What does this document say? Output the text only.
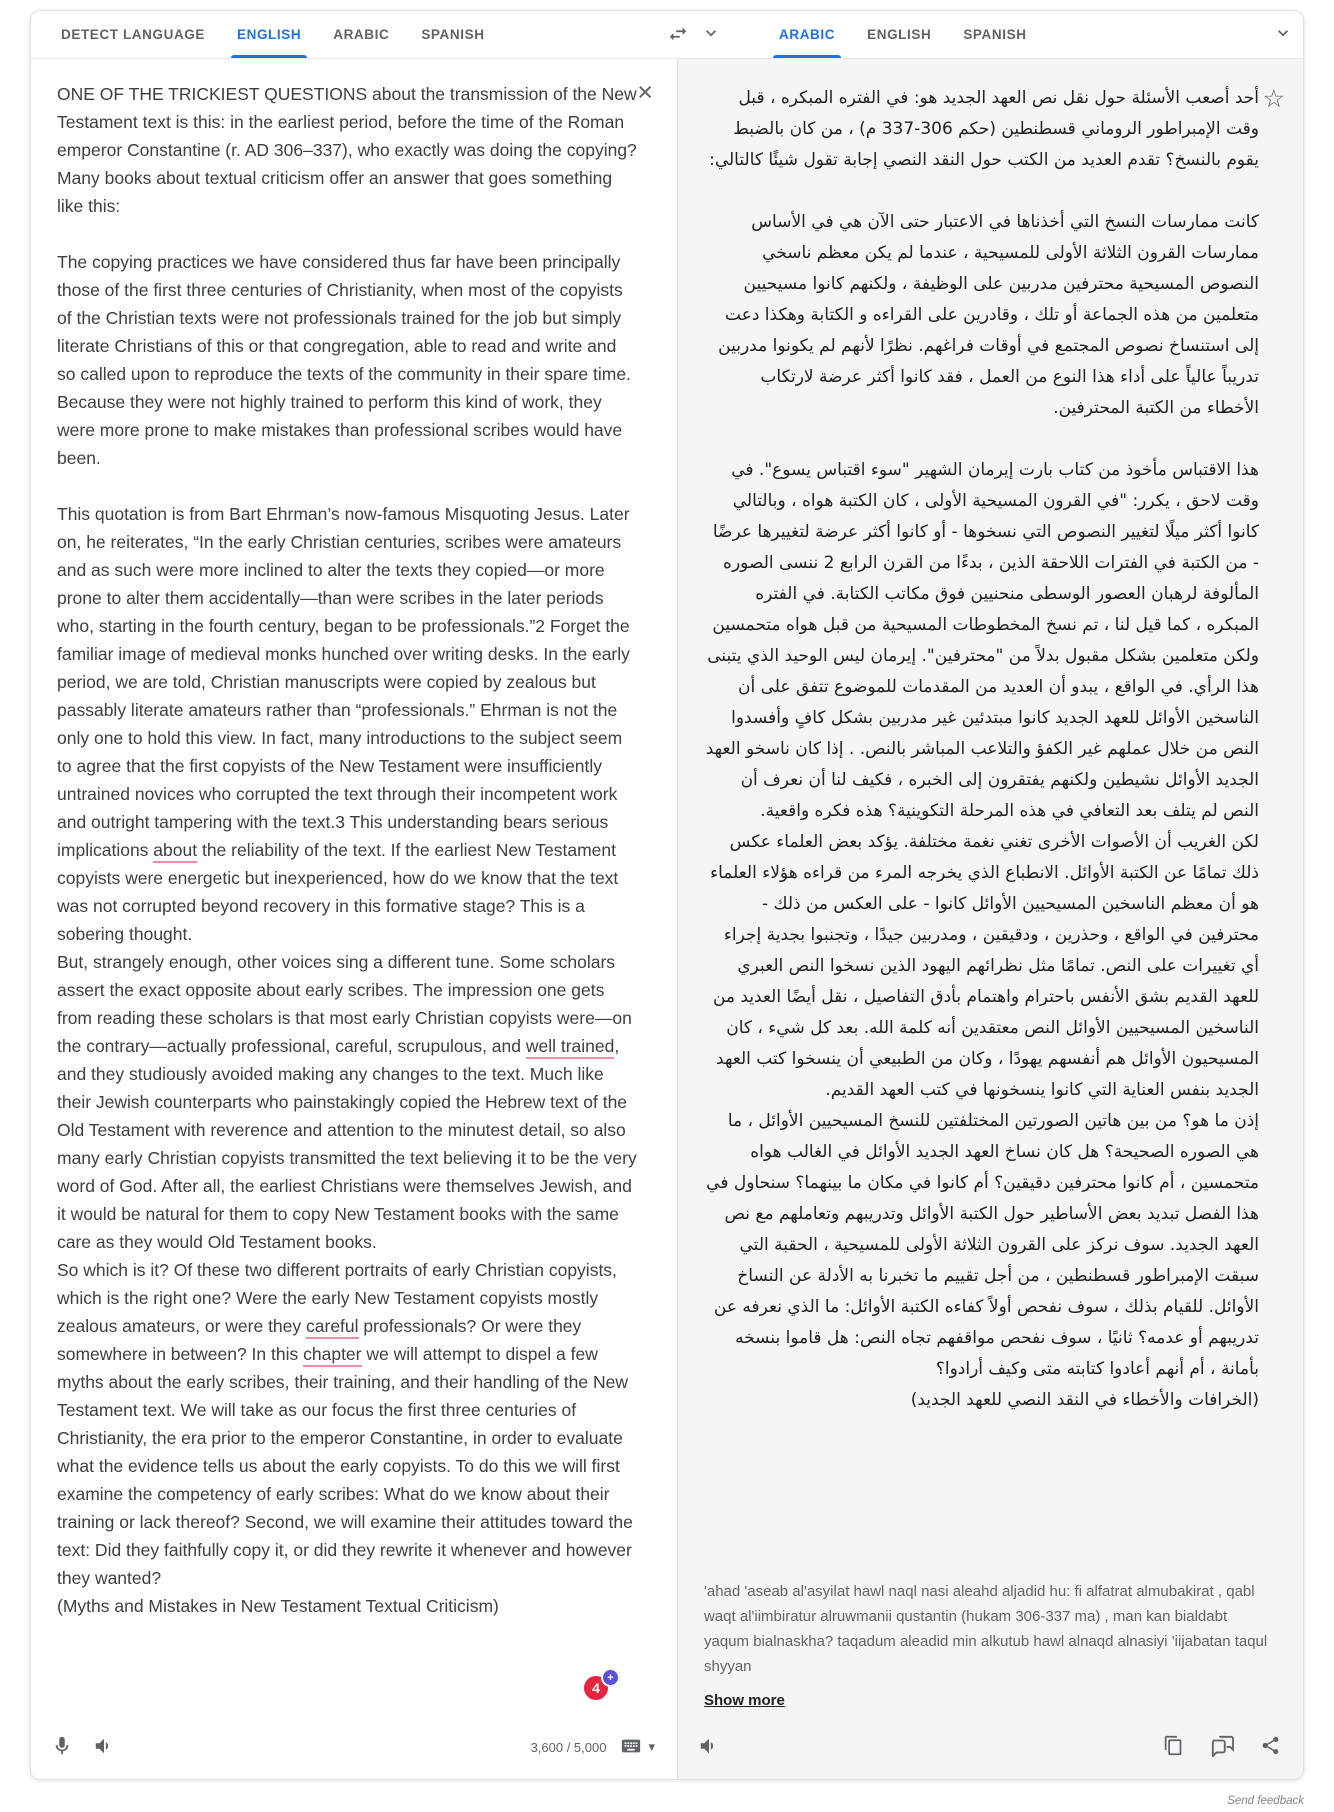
DETECT LANGUAGE	ENGLISH	ARABIC	SPANISH	ARABIC	ENGLISH	SPANISH
ONE OF THE TRICKIEST QUESTIONS about the transmission of the New Testament text is this: in the earliest period, before the time of the Roman emperor Constantine (r. AD 306–337), who exactly was doing the copying? Many books about textual criticism offer an answer that goes something like this:
The copying practices we have considered thus far have been principally those of the first three centuries of Christianity, when most of the copyists of the Christian texts were not professionals trained for the job but simply literate Christians of this or that congregation, able to read and write and so called upon to reproduce the texts of the community in their spare time. Because they were not highly trained to perform this kind of work, they were more prone to make mistakes than professional scribes would have been.
This quotation is from Bart Ehrman’s now-famous Misquoting Jesus. Later on, he reiterates, “In the early Christian centuries, scribes were amateurs and as such were more inclined to alter the texts they copied—or more prone to alter them accidentally—than were scribes in the later periods who, starting in the fourth century, began to be professionals.”2 Forget the familiar image of medieval monks hunched over writing desks. In the early period, we are told, Christian manuscripts were copied by zealous but passably literate amateurs rather than “professionals.” Ehrman is not the only one to hold this view. In fact, many introductions to the subject seem to agree that the first copyists of the New Testament were insufficiently untrained novices who corrupted the text through their incompetent work and outright tampering with the text.3 This understanding bears serious implications about the reliability of the text. If the earliest New Testament copyists were energetic but inexperienced, how do we know that the text was not corrupted beyond recovery in this formative stage? This is a sobering thought.
But, strangely enough, other voices sing a different tune. Some scholars assert the exact opposite about early scribes. The impression one gets from reading these scholars is that most early Christian copyists were—on the contrary—actually professional, careful, scrupulous, and well trained, and they studiously avoided making any changes to the text. Much like their Jewish counterparts who painstakingly copied the Hebrew text of the Old Testament with reverence and attention to the minutest detail, so also many early Christian copyists transmitted the text believing it to be the very word of God. After all, the earliest Christians were themselves Jewish, and it would be natural for them to copy New Testament books with the same care as they would Old Testament books.
So which is it? Of these two different portraits of early Christian copyists, which is the right one? Were the early New Testament copyists mostly zealous amateurs, or were they careful professionals? Or were they somewhere in between? In this chapter we will attempt to dispel a few myths about the early scribes, their training, and their handling of the New Testament text. We will take as our focus the first three centuries of Christianity, the era prior to the emperor Constantine, in order to evaluate what the evidence tells us about the early copyists. To do this we will first examine the competency of early scribes: What do we know about their training or lack thereof? Second, we will examine their attitudes toward the text: Did they faithfully copy it, or did they rewrite it whenever and however they wanted?
(Myths and Mistakes in New Testament Textual Criticism)
×
3,600 / 5,000	▾
☆
أحد أصعب الأسئلة حول نقل نص العهد الجديد هو: في الفتره المبكره ، قبل وقت الإمبراطور الروماني قسطنطين (حكم 306-337 م) ، من كان بالضبط يقوم بالنسخ؟ تقدم العديد من الكتب حول النقد النصي إجابة تقول شيئًا كالتالي:
كانت ممارسات النسخ التي أخذناها في الاعتبار حتى الآن هي في الأساس ممارسات القرون الثلاثة الأولى للمسيحية ، عندما لم يكن معظم ناسخي النصوص المسيحية محترفين مدربين على الوظيفة ، ولكنهم كانوا مسيحيين متعلمين من هذه الجماعة أو تلك ، وقادرين على القراءه و الكتابة وهكذا دعت إلى استنساخ نصوص المجتمع في أوقات فراغهم. نظرًا لأنهم لم يكونوا مدربين تدريباً عالياً على أداء هذا النوع من العمل ، فقد كانوا أكثر عرضة لارتكاب الأخطاء من الكتبة المحترفين.
هذا الاقتباس مأخوذ من كتاب بارت إيرمان الشهير "سوء اقتباس يسوع". في وقت لاحق ، يكرر: "في القرون المسيحية الأولى ، كان الكتبة هواه ، وبالتالي كانوا أكثر ميلًا لتغيير النصوص التي نسخوها - أو كانوا أكثر عرضة لتغييرها عرضًا - من الكتبة في الفترات اللاحقة الذين ، بدءًا من القرن الرابع 2 ننسى الصوره المألوفة لرهبان العصور الوسطى منحنيين فوق مكاتب الكتابة. في الفتره المبكره ، كما قيل لنا ، تم نسخ المخطوطات المسيحية من قبل هواه متحمسين ولكن متعلمين بشكل مقبول بدلاً من "محترفين". إيرمان ليس الوحيد الذي يتبنى هذا الرأي. في الواقع ، يبدو أن العديد من المقدمات للموضوع تتفق على أن الناسخين الأوائل للعهد الجديد كانوا مبتدئين غير مدربين بشكل كافٍ وأفسدوا النص من خلال عملهم غير الكفؤ والتلاعب المباشر بالنص. . إذا كان ناسخو العهد الجديد الأوائل نشيطين ولكنهم يفتقرون إلى الخبره ، فكيف لنا أن نعرف أن النص لم يتلف بعد التعافي في هذه المرحلة التكوينية؟ هذه فكره واقعية.
لكن الغريب أن الأصوات الأخرى تغني نغمة مختلفة. يؤكد بعض العلماء عكس ذلك تمامًا عن الكتبة الأوائل. الانطباع الذي يخرجه المرء من قراءه هؤلاء العلماء هو أن معظم الناسخين المسيحيين الأوائل كانوا - على العكس من ذلك - محترفين في الواقع ، وحذرين ، ودقيقين ، ومدربين جيدًا ، وتجنبوا بجدية إجراء أي تغييرات على النص. تمامًا مثل نظرائهم اليهود الذين نسخوا النص العبري للعهد القديم بشق الأنفس باحترام واهتمام بأدق التفاصيل ، نقل أيضًا العديد من الناسخين المسيحيين الأوائل النص معتقدين أنه كلمة الله. بعد كل شيء ، كان المسيحيون الأوائل هم أنفسهم يهودًا ، وكان من الطبيعي أن ينسخوا كتب العهد الجديد بنفس العناية التي كانوا ينسخونها في كتب العهد القديم.
إذن ما هو؟ من بين هاتين الصورتين المختلفتين للنسخ المسيحيين الأوائل ، ما هي الصوره الصحيحة؟ هل كان نساخ العهد الجديد الأوائل في الغالب هواه متحمسين ، أم كانوا محترفين دقيقين؟ أم كانوا في مكان ما بينهما؟ سنحاول في هذا الفصل تبديد بعض الأساطير حول الكتبة الأوائل وتدريبهم وتعاملهم مع نص العهد الجديد. سوف نركز على القرون الثلاثة الأولى للمسيحية ، الحقبة التي سبقت الإمبراطور قسطنطين ، من أجل تقييم ما تخبرنا به الأدلة عن النساخ الأوائل. للقيام بذلك ، سوف نفحص أولاً كفاءه الكتبة الأوائل: ما الذي نعرفه عن تدريبهم أو عدمه؟ ثانيًا ، سوف نفحص مواقفهم تجاه النص: هل قاموا بنسخه بأمانة ، أم أنهم أعادوا كتابته متى وكيف أرادوا؟
(الخرافات والأخطاء في النقد النصي للعهد الجديد)
'ahad 'aseab al'asyilat hawl naql nasi aleahd aljadid hu: fi alfatrat almubakirat , qabl waqt al'iimbiratur alruwmanii qustantin (hukam 306-337 ma) , man kan bialdabt yaqum bialnaskha? taqadum aleadid min alkutub hawl alnaqd alnasiyi 'iijabatan taqul shyyan
Show more
4
+
Send feedback
